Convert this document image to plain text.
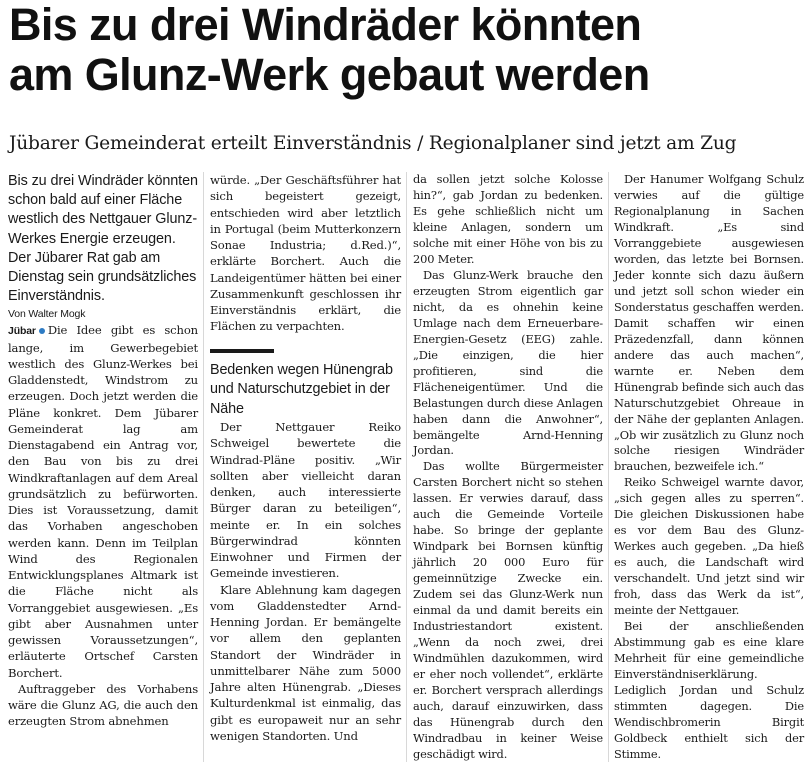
Bis zu drei Windräder könnten
am Glunz-Werk gebaut werden
Jübarer Gemeinderat erteilt Einverständnis / Regionalplaner sind jetzt am Zug

Bis zu drei Windräder könnten schon bald auf einer Fläche westlich des Nettgauer Glunz-Werkes Energie erzeugen. Der Jübarer Rat gab am Dienstag sein grundsätzliches Einverständnis.

Von Walter Mogk

Jübar Die Idee gibt es schon lange, im Gewerbegebiet westlich des Glunz-Werkes bei Gladdenstedt, Windstrom zu erzeugen. Doch jetzt werden die Pläne konkret. Dem Jübarer Gemeinderat lag am Dienstagabend ein Antrag vor, den Bau von bis zu drei Windkraftanlagen auf dem Areal grundsätzlich zu befürworten. Dies ist Voraussetzung, damit das Vorhaben angeschoben werden kann. Denn im Teilplan Wind des Regionalen Entwicklungsplanes Altmark ist die Fläche nicht als Vorranggebiet ausgewiesen. „Es gibt aber Ausnahmen unter gewissen Voraussetzungen“, erläuterte Ortschef Carsten Borchert.

Auftraggeber des Vorhabens wäre die Glunz AG, die auch den erzeugten Strom abnehmen

würde. „Der Geschäftsführer hat sich begeistert gezeigt, entschieden wird aber letztlich in Portugal (beim Mutterkonzern Sonae Industria; d.Red.)“, erklärte Borchert. Auch die Landeigentümer hätten bei einer Zusammenkunft geschlossen ihr Einverständnis erklärt, die Flächen zu verpachten.

Bedenken wegen Hünengrab und Naturschutzgebiet in der Nähe

Der Nettgauer Reiko Schweigel bewertete die Windrad-Pläne positiv. „Wir sollten aber vielleicht daran denken, auch interessierte Bürger daran zu beteiligen“, meinte er. In ein solches Bürgerwindrad könnten Einwohner und Firmen der Gemeinde investieren.

Klare Ablehnung kam dagegen vom Gladdenstedter Arnd-Henning Jordan. Er bemängelte vor allem den geplanten Standort der Windräder in unmittelbarer Nähe zum 5000 Jahre alten Hünengrab. „Dieses Kulturdenkmal ist einmalig, das gibt es europaweit nur an sehr wenigen Standorten. Und

da sollen jetzt solche Kolosse hin?“, gab Jordan zu bedenken. Es gehe schließlich nicht um kleine Anlagen, sondern um solche mit einer Höhe von bis zu 200 Meter.

Das Glunz-Werk brauche den erzeugten Strom eigentlich gar nicht, da es ohnehin keine Umlage nach dem Erneuerbare-Energien-Gesetz (EEG) zahle. „Die einzigen, die hier profitieren, sind die Flächeneigentümer. Und die Belastungen durch diese Anlagen haben dann die Anwohner“, bemängelte Arnd-Henning Jordan.

Das wollte Bürgermeister Carsten Borchert nicht so stehen lassen. Er verwies darauf, dass auch die Gemeinde Vorteile habe. So bringe der geplante Windpark bei Bornsen künftig jährlich 20 000 Euro für gemeinnützige Zwecke ein. Zudem sei das Glunz-Werk nun einmal da und damit bereits ein Industriestandort existent. „Wenn da noch zwei, drei Windmühlen dazukommen, wird er eher noch vollendet“, erklärte er. Borchert versprach allerdings auch, darauf einzuwirken, dass das Hünengrab durch den Windradbau in keiner Weise geschädigt wird.

Der Hanumer Wolfgang Schulz verwies auf die gültige Regionalplanung in Sachen Windkraft. „Es sind Vorranggebiete ausgewiesen worden, das letzte bei Bornsen. Jeder konnte sich dazu äußern und jetzt soll schon wieder ein Sonderstatus geschaffen werden. Damit schaffen wir einen Präzedenzfall, dann können andere das auch machen“, warnte er. Neben dem Hünengrab befinde sich auch das Naturschutzgebiet Ohreaue in der Nähe der geplanten Anlagen. „Ob wir zusätzlich zu Glunz noch solche riesigen Windräder brauchen, bezweifele ich.“

Reiko Schweigel warnte davor, „sich gegen alles zu sperren“. Die gleichen Diskussionen habe es vor dem Bau des Glunz-Werkes auch gegeben. „Da hieß es auch, die Landschaft wird verschandelt. Und jetzt sind wir froh, dass das Werk da ist“, meinte der Nettgauer.

Bei der anschließenden Abstimmung gab es eine klare Mehrheit für eine gemeindliche Einverständniserklärung. Lediglich Jordan und Schulz stimmten dagegen. Die Wendischbromerin Birgit Goldbeck enthielt sich der Stimme.
